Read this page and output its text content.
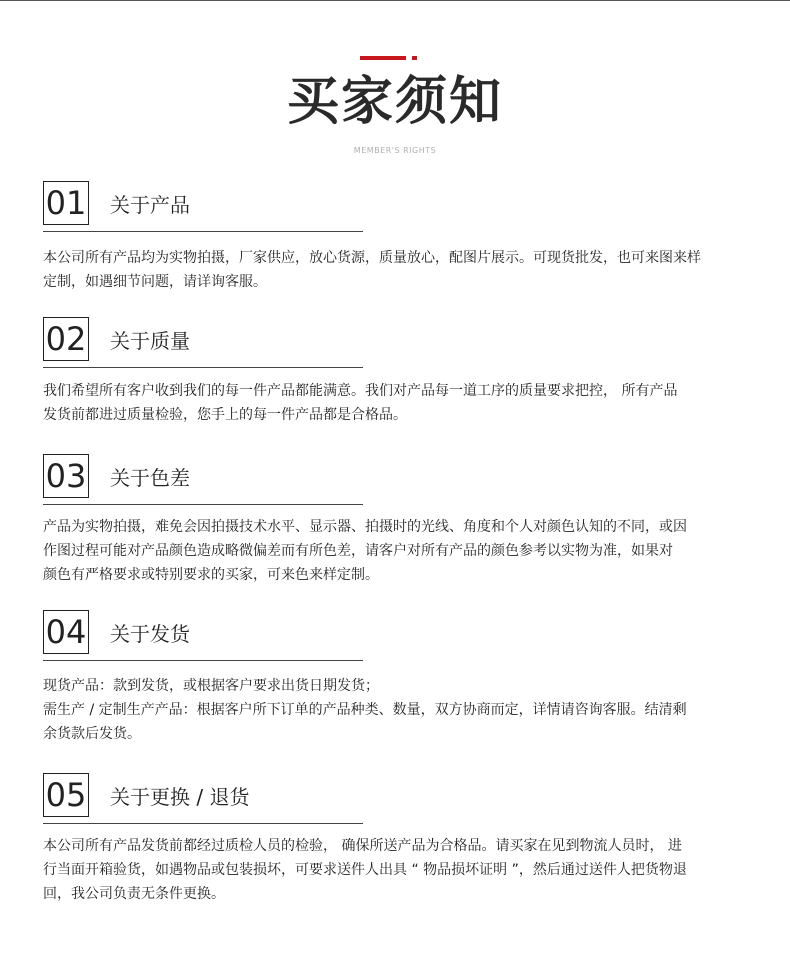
买家须知
MEMBER'S RIGHTS
01 关于产品

本公司所有产品均为实物拍摄，厂家供应，放心货源，质量放心，配图片展示。可现货批发，也可来图来样

定制，如遇细节问题，请详询客服。

02 关于质量

我们希望所有客户收到我们的每一件产品都能满意。我们对产品每一道工序的质量要求把控， 所有产品

发货前都进过质量检验，您手上的每一件产品都是合格品。

03 关于色差

产品为实物拍摄，难免会因拍摄技术水平、显示器、拍摄时的光线、角度和个人对颜色认知的不同，或因

作图过程可能对产品颜色造成略微偏差而有所色差，请客户对所有产品的颜色参考以实物为准，如果对

颜色有严格要求或特别要求的买家，可来色来样定制。

04 关于发货

现货产品：款到发货，或根据客户要求出货日期发货；

需生产 / 定制生产产品：根据客户所下订单的产品种类、数量，双方协商而定，详情请咨询客服。结清剩

余货款后发货。

05 关于更换 / 退货

本公司所有产品发货前都经过质检人员的检验， 确保所送产品为合格品。请买家在见到物流人员时， 进

行当面开箱验货，如遇物品或包装损坏，可要求送件人出具 “ 物品损坏证明 ”，然后通过送件人把货物退

回，我公司负责无条件更换。
